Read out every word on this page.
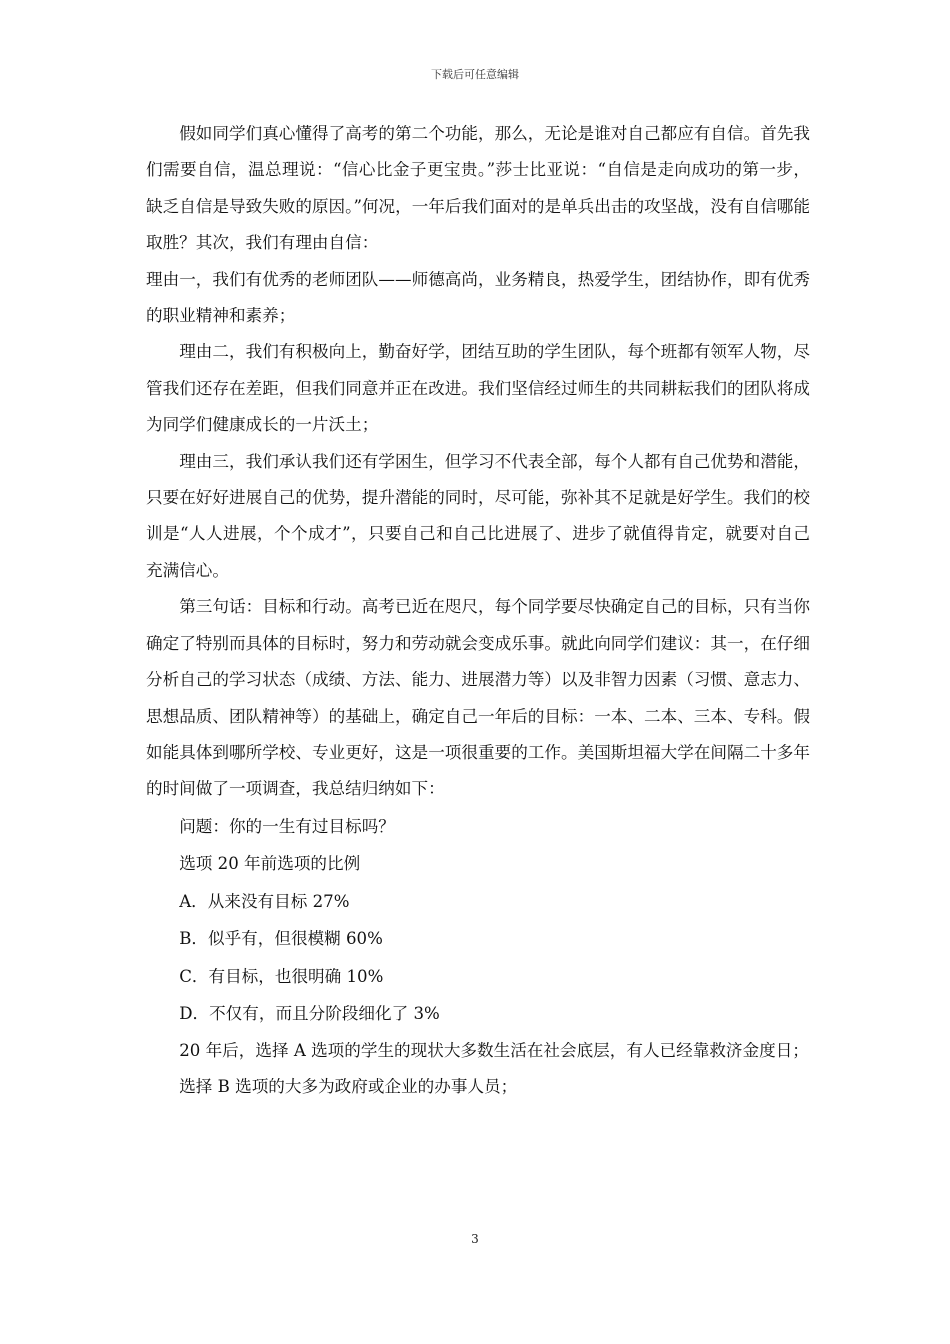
下载后可任意编辑

假如同学们真心懂得了高考的第二个功能，那么，无论是谁对自己都应有自信。首先我们需要自信，温总理说：“信心比金子更宝贵。”莎士比亚说：“自信是走向成功的第一步，缺乏自信是导致失败的原因。”何况，一年后我们面对的是单兵出击的攻坚战，没有自信哪能取胜？其次，我们有理由自信：

理由一，我们有优秀的老师团队——师德高尚，业务精良，热爱学生，团结协作，即有优秀的职业精神和素养；

理由二，我们有积极向上，勤奋好学，团结互助的学生团队，每个班都有领军人物，尽管我们还存在差距，但我们同意并正在改进。我们坚信经过师生的共同耕耘我们的团队将成为同学们健康成长的一片沃土；

理由三，我们承认我们还有学困生，但学习不代表全部，每个人都有自己优势和潜能，只要在好好进展自己的优势，提升潜能的同时，尽可能，弥补其不足就是好学生。我们的校训是“人人进展，个个成才”，只要自己和自己比进展了、进步了就值得肯定，就要对自己充满信心。

第三句话：目标和行动。高考已近在咫尺，每个同学要尽快确定自己的目标，只有当你确定了特别而具体的目标时，努力和劳动就会变成乐事。就此向同学们建议：其一，在仔细分析自己的学习状态（成绩、方法、能力、进展潜力等）以及非智力因素（习惯、意志力、思想品质、团队精神等）的基础上，确定自己一年后的目标：一本、二本、三本、专科。假如能具体到哪所学校、专业更好，这是一项很重要的工作。美国斯坦福大学在间隔二十多年的时间做了一项调查，我总结归纳如下：

问题：你的一生有过目标吗？

选项 20 年前选项的比例

A．从来没有目标 27%

B．似乎有，但很模糊 60%

C．有目标，也很明确 10%

D．不仅有，而且分阶段细化了 3%

20 年后，选择 A 选项的学生的现状大多数生活在社会底层，有人已经靠救济金度日；

选择 B 选项的大多为政府或企业的办事人员；

3
